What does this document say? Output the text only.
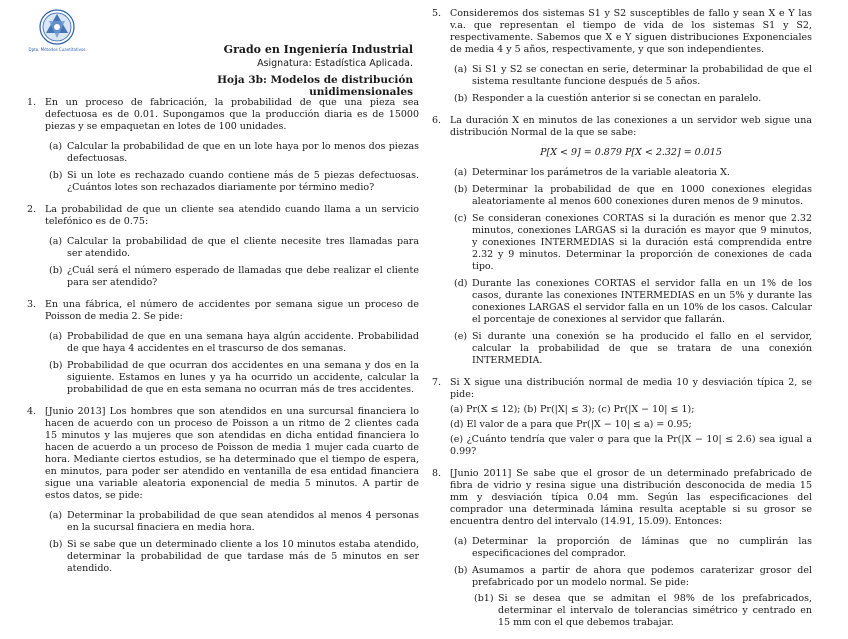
Dpto. Métodos Cuantitativos	Grado en Ingeniería Industrial
Asignatura: Estadística Aplicada.
Hoja 3b: Modelos de distribución unidimensionales
1. En un proceso de fabricación, la probabilidad de que una pieza sea defectuosa es de 0.01. Supongamos que la producción diaria es de 15000 piezas y se empaquetan en lotes de 100 unidades.

(a) Calcular la probabilidad de que en un lote haya por lo menos dos piezas defectuosas.
(b) Si un lote es rechazado cuando contiene más de 5 piezas defectuosas. ¿Cuántos lotes son rechazados diariamente por término medio?
2. La probabilidad de que un cliente sea atendido cuando llama a un servicio telefónico es de 0.75:

(a) Calcular la probabilidad de que el cliente necesite tres llamadas para ser atendido.
(b) ¿Cuál será el número esperado de llamadas que debe realizar el cliente para ser atendido?
3. En una fábrica, el número de accidentes por semana sigue un proceso de Poisson de media 2. Se pide:

(a) Probabilidad de que en una semana haya algún accidente. Probabilidad de que haya 4 accidentes en el trascurso de dos semanas.
(b) Probabilidad de que ocurran dos accidentes en una semana y dos en la siguiente. Estamos en lunes y ya ha ocurrido un accidente, calcular la probabilidad de que en esta semana no ocurran más de tres accidentes.
4. [Junio 2013] Los hombres que son atendidos en una surcursal financiera lo hacen de acuerdo con un proceso de Poisson a un ritmo de 2 clientes cada 15 minutos y las mujeres que son atendidas en dicha entidad financiera lo hacen de acuerdo a un proceso de Poisson de media 1 mujer cada cuarto de hora. Mediante ciertos estudios, se ha determinado que el tiempo de espera, en minutos, para poder ser atendido en ventanilla de esa entidad financiera sigue una variable aleatoria exponencial de media 5 minutos. A partir de estos datos, se pide:

(a) Determinar la probabilidad de que sean atendidos al menos 4 personas en la sucursal finaciera en media hora.
(b) Si se sabe que un determinado cliente a los 10 minutos estaba atendido, determinar la probabilidad de que tardase más de 5 minutos en ser atendido.
5. Consideremos dos sistemas S1 y S2 susceptibles de fallo y sean X e Y las v.a. que representan el tiempo de vida de los sistemas S1 y S2, respectivamente. Sabemos que X e Y siguen distribuciones Exponenciales de media 4 y 5 años, respectivamente, y que son independientes.

(a) Si S1 y S2 se conectan en serie, determinar la probabilidad de que el sistema resultante funcione después de 5 años.
(b) Responder a la cuestión anterior si se conectan en paralelo.
6. La duración X en minutos de las conexiones a un servidor web sigue una distribución Normal de la que se sabe:

P[X < 9] = 0.879 P[X < 2.32] = 0.015
(a) Determinar los parámetros de la variable aleatoria X.
(b) Determinar la probabilidad de que en 1000 conexiones elegidas aleatoriamente al menos 600 conexiones duren menos de 9 minutos.
(c) Se consideran conexiones CORTAS si la duración es menor que 2.32 minutos, conexiones LARGAS si la duración es mayor que 9 minutos, y conexiones INTERMEDIAS si la duración está comprendida entre 2.32 y 9 minutos. Determinar la proporción de conexiones de cada tipo.
(d) Durante las conexiones CORTAS el servidor falla en un 1% de los casos, durante las conexiones INTERMEDIAS en un 5% y durante las conexiones LARGAS el servidor falla en un 10% de los casos. Calcular el porcentaje de conexiones al servidor que fallarán.
(e) Si durante una conexión se ha producido el fallo en el servidor, calcular la probabilidad de que se tratara de una conexión INTERMEDIA.
7. Si X sigue una distribución normal de media 10 y desviación típica 2, se pide:

(a) Pr(X ≤ 12); (b) Pr(|X| ≤ 3); (c) Pr(|X − 10| ≤ 1);
(d) El valor de a para que Pr(|X − 10| ≤ a) = 0.95;
(e) ¿Cuánto tendría que valer σ para que la Pr(|X − 10| ≤ 2.6) sea igual a 0.99?
8. [Junio 2011] Se sabe que el grosor de un determinado prefabricado de fibra de vidrio y resina sigue una distribución desconocida de media 15 mm y desviación típica 0.04 mm. Según las especificaciones del comprador una determinada lámina resulta aceptable si su grosor se encuentra dentro del intervalo (14.91, 15.09). Entonces:

(a) Determinar la proporción de láminas que no cumplirán las especificaciones del comprador.
(b) Asumamos a partir de ahora que podemos caraterizar grosor del prefabricado por un modelo normal. Se pide:
(b1) Si se desea que se admitan el 98% de los prefabricados, determinar el intervalo de tolerancias simétrico y centrado en 15 mm con el que debemos trabajar.
